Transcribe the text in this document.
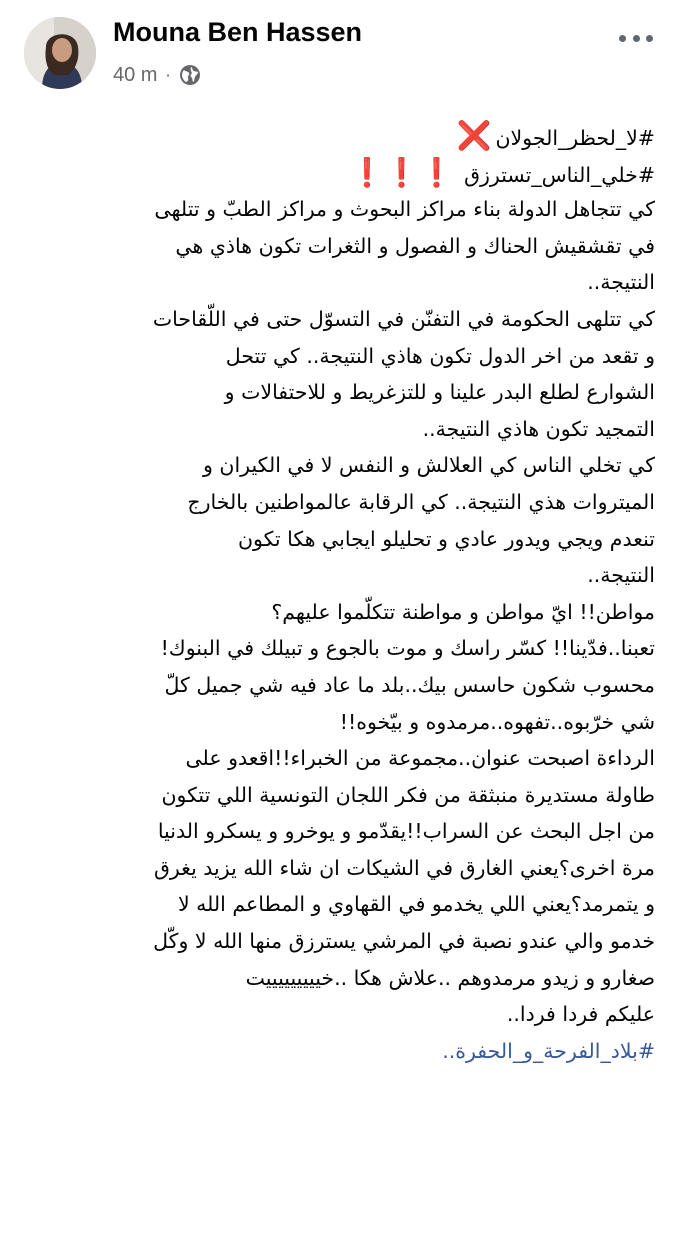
Mouna Ben Hassen
40 m ·
#لا_لحظر_الجولان❌
#خلي_الناس_تسترزق❗❗❗
كي تتجاهل الدولة بناء مراكز البحوث و مراكز الطبّ و تتلهى
في تقشقيش الحناك و الفصول و الثغرات تكون هاذي هي
النتيجة..
كي تتلهى الحكومة في التفنّن في التسوّل حتى في اللّقاحات
و تقعد من اخر الدول تكون هاذي النتيجة.. كي تتحل
الشوارع لطلع البدر علينا و للتزغريط و للاحتفالات و
التمجيد تكون هاذي النتيجة..
كي تخلي الناس كي العلالش و النفس لا في الكيران و
الميتروات هذي النتيجة.. كي الرقابة عالمواطنين بالخارج
تنعدم ويجي ويدور عادي و تحليلو ايجابي هكا تكون
النتيجة..
مواطن!! ايّ مواطن و مواطنة تتكلّموا عليهم؟
تعبنا..فدّينا!! كسّر راسك و موت بالجوع و تبيلك في البنوك!
محسوب شكون حاسس بيك..بلد ما عاد فيه شي جميل كلّ
شي خرّبوه..تفهوه..مرمدوه و بيّخوه!!
الرداءة اصبحت عنوان..مجموعة من الخبراء!!اقعدو على
طاولة مستديرة منبثقة من فكر اللجان التونسية اللي تتكون
من اجل البحث عن السراب!!يقدّمو و يوخرو و يسكرو الدنيا
مرة اخرى؟يعني الغارق في الشيكات ان شاء الله يزيد يغرق
و يتمرمد؟يعني اللي يخدمو في القهاوي و المطاعم الله لا
خدمو والي عندو نصبة في المرشي يسترزق منها الله لا وكّل
صغارو و زيدو مرمدوهم ..علاش هكا ..خيييييييييت
عليكم فردا فردا..
#بلاد_الفرحة_و_الحفرة..
